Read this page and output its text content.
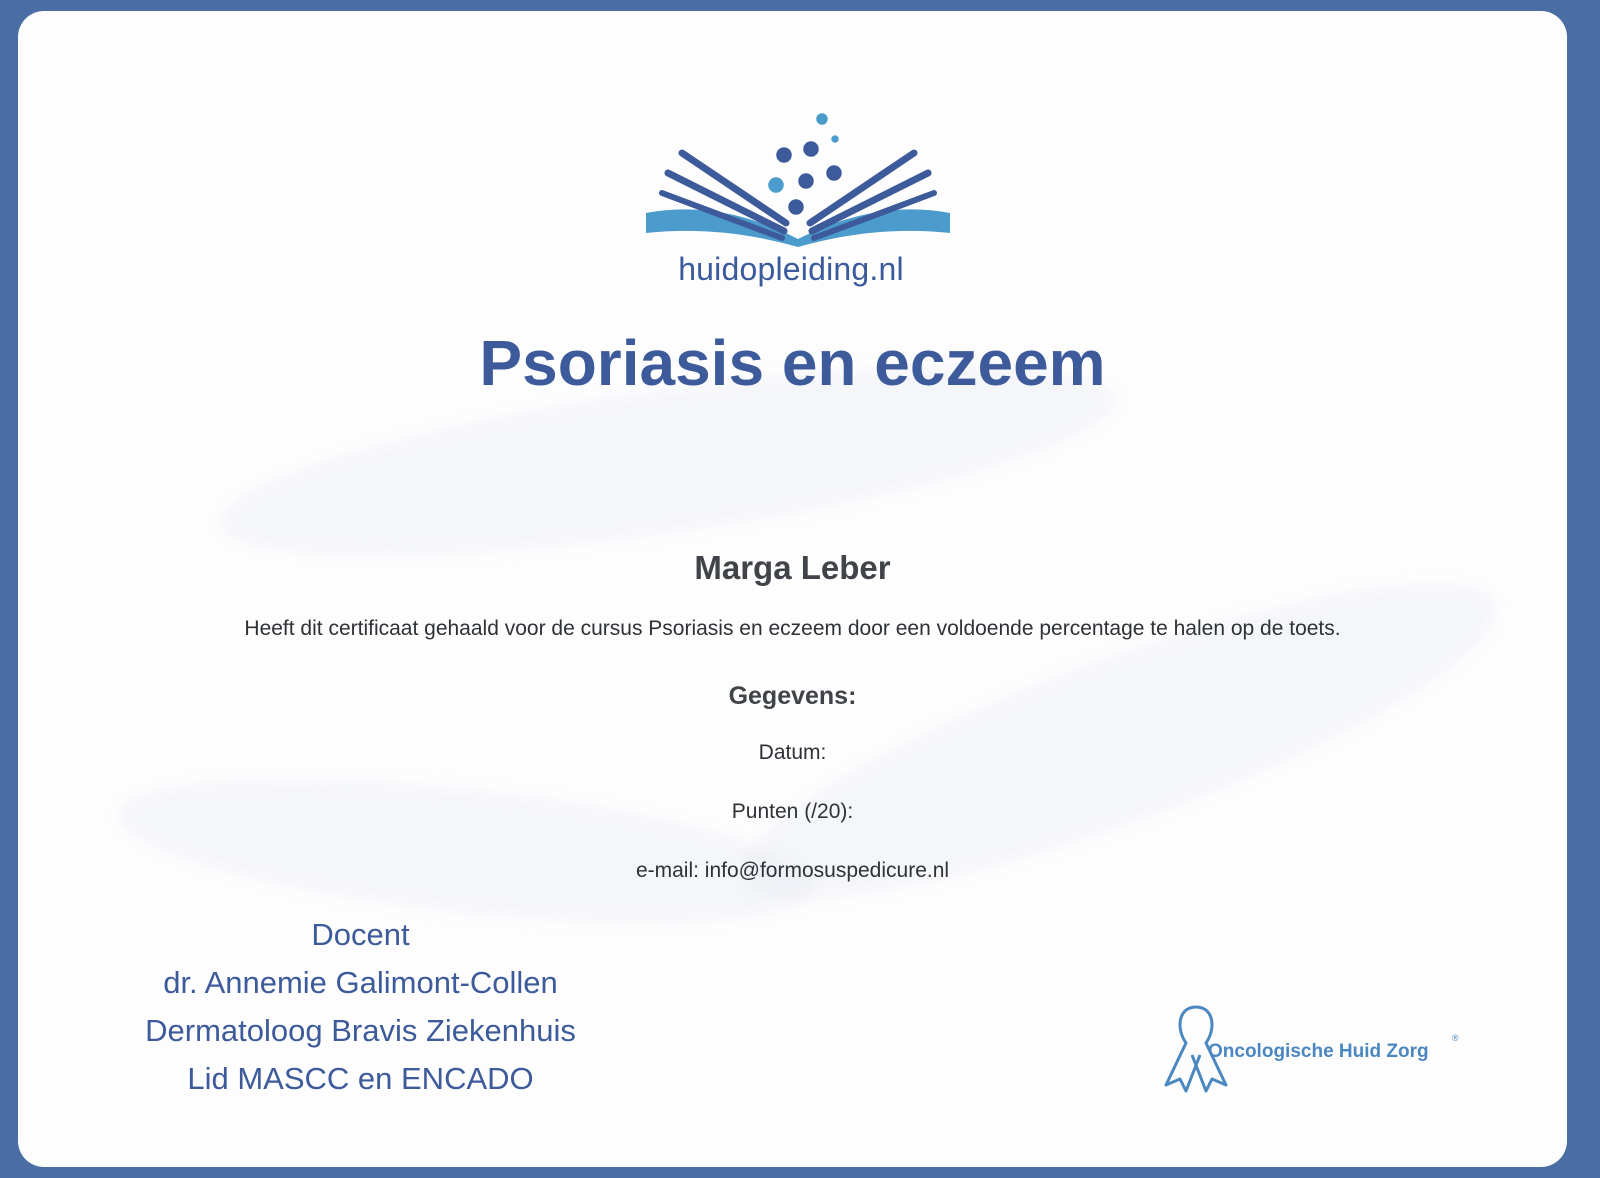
huidopleiding.nl
Psoriasis en eczeem
Marga Leber
Heeft dit certificaat gehaald voor de cursus Psoriasis en eczeem door een voldoende percentage te halen op de toets.
Gegevens:
Datum:
Punten (/20):
e-mail: info@formosuspedicure.nl
Docent
dr. Annemie Galimont-Collen
Dermatoloog Bravis Ziekenhuis
Lid MASCC en ENCADO
Oncologische Huid Zorg
®
